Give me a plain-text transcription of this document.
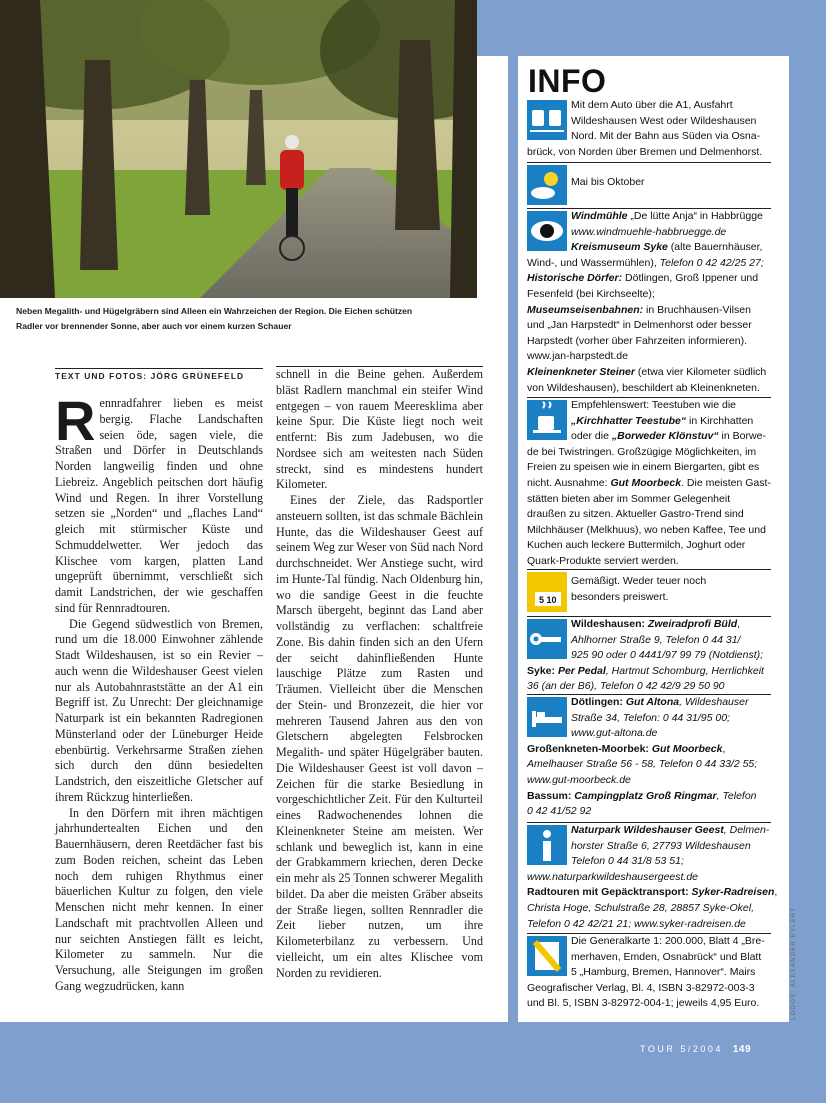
Neben Megalith- und Hügelgräbern sind Alleen ein Wahrzeichen der Region. Die Eichen schützen
Radler vor brennender Sonne, aber auch vor einem kurzen Schauer
TEXT UND FOTOS: JÖRG GRÜNEFELD

Rennradfahrer lieben es meist bergig. Flache Landschaften seien öde, sagen viele, die Straßen und Dörfer in Deutschlands Norden langweilig finden und ohne Liebreiz. Angeblich peitschen dort häufig Wind und Regen. In ihrer Vorstellung setzen sie „Norden“ und „flaches Land“ gleich mit stürmischer Küste und Schmuddelwetter. Wer jedoch das Klischee vom kargen, platten Land ungeprüft übernimmt, verschließt sich damit Landstrichen, der wie geschaffen sind für Rennradtouren.

Die Gegend südwestlich von Bremen, rund um die 18.000 Einwohner zählende Stadt Wildeshausen, ist so ein Revier – auch wenn die Wildeshauser Geest vielen nur als Autobahnraststätte an der A1 ein Begriff ist. Zu Unrecht: Der gleichnamige Naturpark ist ein bekannten Radregionen Münsterland oder der Lüneburger Heide ebenbürtig. Verkehrsarme Straßen ziehen sich durch den dünn besiedelten Landstrich, den eiszeitliche Gletscher auf ihrem Rückzug hinterließen.

In den Dörfern mit ihren mächtigen jahrhundertealten Eichen und den Bauernhäusern, deren Reetdächer fast bis zum Boden reichen, scheint das Leben noch dem ruhigen Rhythmus einer bäuerlichen Kultur zu folgen, den viele Menschen nicht mehr kennen. In einer Landschaft mit prachtvollen Alleen und nur seichten Anstiegen fällt es leicht, Kilometer zu sammeln. Nur die Versuchung, alle Steigungen im großen Gang wegzudrücken, kann

schnell in die Beine gehen. Außerdem bläst Radlern manchmal ein steifer Wind entgegen – von rauem Meeresklima aber keine Spur. Die Küste liegt noch weit entfernt: Bis zum Jadebusen, wo die Nordsee sich am weitesten nach Süden streckt, sind es mindestens hundert Kilometer.

Eines der Ziele, das Radsportler ansteuern sollten, ist das schmale Bächlein Hunte, das die Wildeshauser Geest auf seinem Weg zur Weser von Süd nach Nord durchschneidet. Wer Anstiege sucht, wird im Hunte-Tal fündig. Nach Oldenburg hin, wo die sandige Geest in die feuchte Marsch übergeht, beginnt das Land aber vollständig zu verflachen: schaltfreie Zone. Bis dahin finden sich an den Ufern der seicht dahinfließenden Hunte lauschige Plätze zum Rasten und Träumen. Vielleicht über die Menschen der Stein- und Bronzezeit, die hier vor mehreren Tausend Jahren aus den von Gletschern abgelegten Felsbrocken Megalith- und später Hügelgräber bauten. Die Wildeshauser Geest ist voll davon – Zeichen für die starke Besiedlung in vorgeschichtlicher Zeit. Für den Kulturteil eines Radwochenendes lohnen die Kleinenkneter Steine am meisten. Wer schlank und beweglich ist, kann in eine der Grabkammern kriechen, deren Decke ein mehr als 25 Tonnen schwerer Megalith bildet. Da aber die meisten Gräber abseits der Straße liegen, sollten Rennradler die Zeit lieber nutzen, um ihre Kilometerbilanz zu verbessern. Und vielleicht, um ein altes Klischee vom Norden zu revidieren.

INFO
Mit dem Auto über die A1, Ausfahrt
Wildeshausen West oder Wildeshausen
Nord. Mit der Bahn aus Süden via Osna-
brück, von Norden über Bremen und Delmenhorst.
Mai bis Oktober
Windmühle „De lütte Anja“ in Habbrügge
www.windmuehle-habbruegge.de
Kreismuseum Syke (alte Bauernhäuser,
Wind-, und Wassermühlen), Telefon 0 42 42/25 27;
Historische Dörfer: Dötlingen, Groß Ippener und
Fesenfeld (bei Kirchseelte);
Museumseisenbahnen: in Bruchhausen-Vilsen
und „Jan Harpstedt“ in Delmenhorst oder besser
Harpstedt (vorher über Fahrzeiten informieren).
www.jan-harpstedt.de
Kleinenkneter Steiner (etwa vier Kilometer südlich
von Wildeshausen), beschildert ab Kleinenkneten.
Empfehlenswert: Teestuben wie die
„Kirchhatter Teestube“ in Kirchhatten
oder die „Borweder Klönstuv“ in Borwe-
de bei Twistringen. Großzügige Möglichkeiten, im
Freien zu speisen wie in einem Biergarten, gibt es
nicht. Ausnahme: Gut Moorbeck. Die meisten Gast-
stätten bieten aber im Sommer Gelegenheit
draußen zu sitzen. Aktueller Gastro-Trend sind
Milchhäuser (Melkhuus), wo neben Kaffee, Tee und
Kuchen auch leckere Buttermilch, Joghurt oder
Quark-Produkte serviert werden.
5 10
Gemäßigt. Weder teuer noch
besonders preiswert.
Wildeshausen: Zweiradprofi Büld,
Ahlhorner Straße 9, Telefon 0 44 31/
925 90 oder 0 4441/97 99 79 (Notdienst);
Syke: Per Pedal, Hartmut Schomburg, Herrlichkeit
36 (an der B6), Telefon 0 42 42/9 29 50 90
Dötlingen: Gut Altona, Wildeshauser
Straße 34, Telefon: 0 44 31/95 00;
www.gut-altona.de
Großenkneten-Moorbek: Gut Moorbeck,
Amelhauser Straße 56 - 58, Telefon 0 44 33/2 55;
www.gut-moorbeck.de
Bassum: Campingplatz Groß Ringmar, Telefon
0 42 41/52 92
Naturpark Wildeshauser Geest, Delmen-
horster Straße 6, 27793 Wildeshausen
Telefon 0 44 31/8 53 51;
www.naturparkwildeshausergeest.de
Radtouren mit Gepäcktransport: Syker-Radreisen,
Christa Hoge, Schulstraße 28, 28857 Syke-Okel,
Telefon 0 42 42/21 21; www.syker-radreisen.de
Die Generalkarte 1: 200.000, Blatt 4 „Bre-
merhaven, Emden, Osnabrück“ und Blatt
5 „Hamburg, Bremen, Hannover“. Mairs
Geografischer Verlag, Bl. 4, ISBN 3-82972-003-3
und Bl. 5, ISBN 3-82972-004-1; jeweils 4,95 Euro.
TOUR 5/2004 149
